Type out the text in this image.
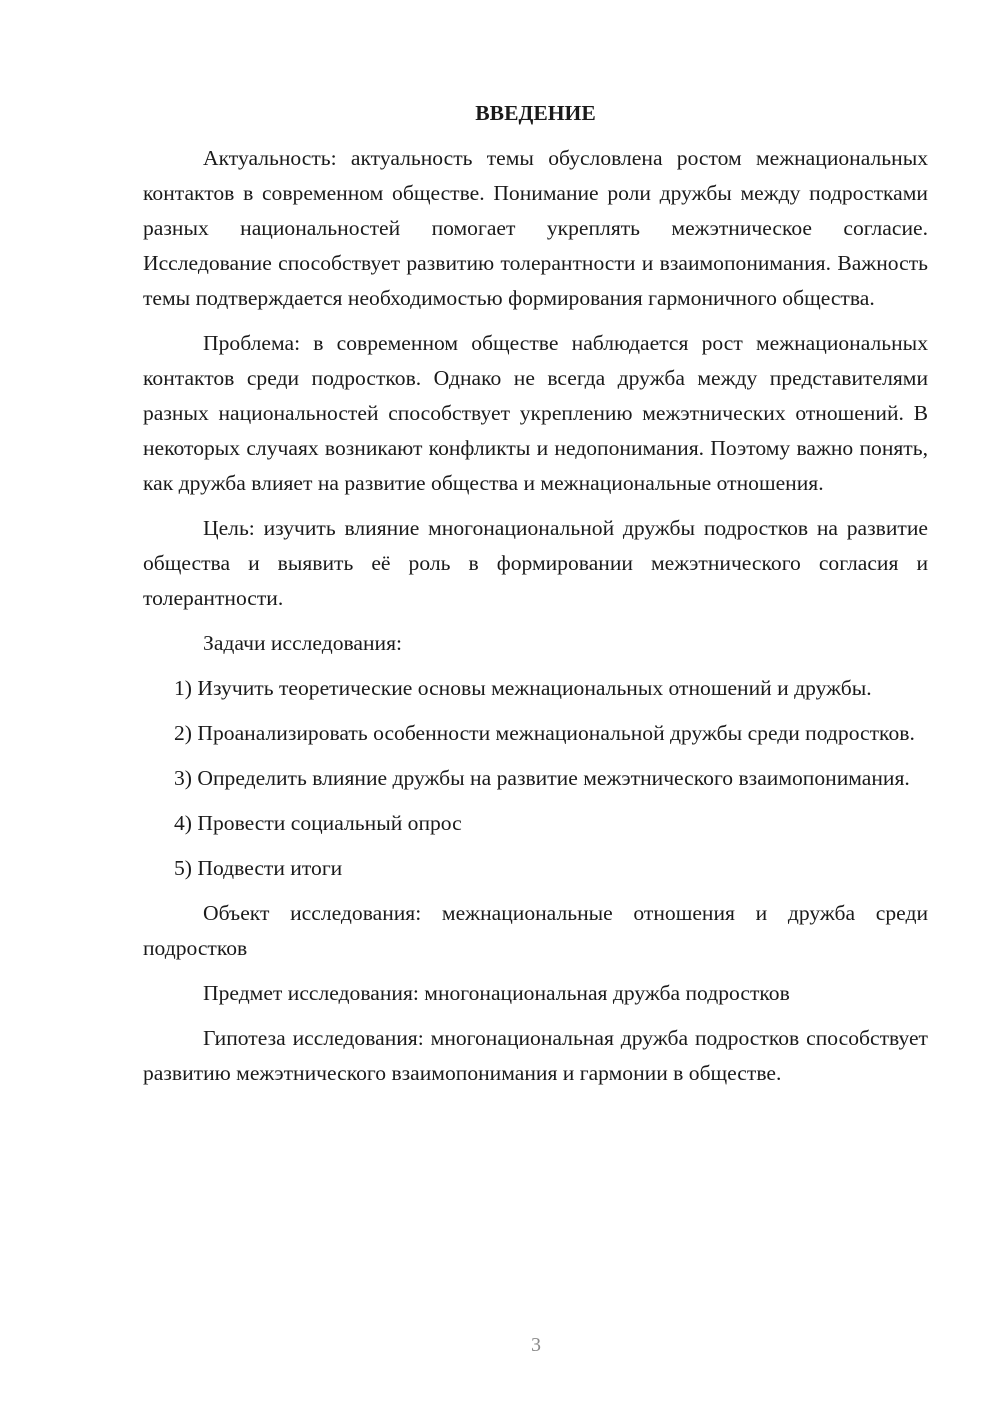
ВВЕДЕНИЕ
Актуальность: актуальность темы обусловлена ростом межнациональных контактов в современном обществе. Понимание роли дружбы между подростками разных национальностей помогает укреплять межэтническое согласие. Исследование способствует развитию толерантности и взаимопонимания. Важность темы подтверждается необходимостью формирования гармоничного общества.
Проблема: в современном обществе наблюдается рост межнациональных контактов среди подростков. Однако не всегда дружба между представителями разных национальностей способствует укреплению межэтнических отношений. В некоторых случаях возникают конфликты и недопонимания. Поэтому важно понять, как дружба влияет на развитие общества и межнациональные отношения.
Цель: изучить влияние многонациональной дружбы подростков на развитие общества и выявить её роль в формировании межэтнического согласия и толерантности.
Задачи исследования:
1) Изучить теоретические основы межнациональных отношений и дружбы.
2) Проанализировать особенности межнациональной дружбы среди подростков.
3) Определить влияние дружбы на развитие межэтнического взаимопонимания.
4) Провести социальный опрос
5) Подвести итоги
Объект исследования: межнациональные отношения и дружба среди подростков
Предмет исследования: многонациональная дружба подростков
Гипотеза исследования: многонациональная дружба подростков способствует развитию межэтнического взаимопонимания и гармонии в обществе.
3
